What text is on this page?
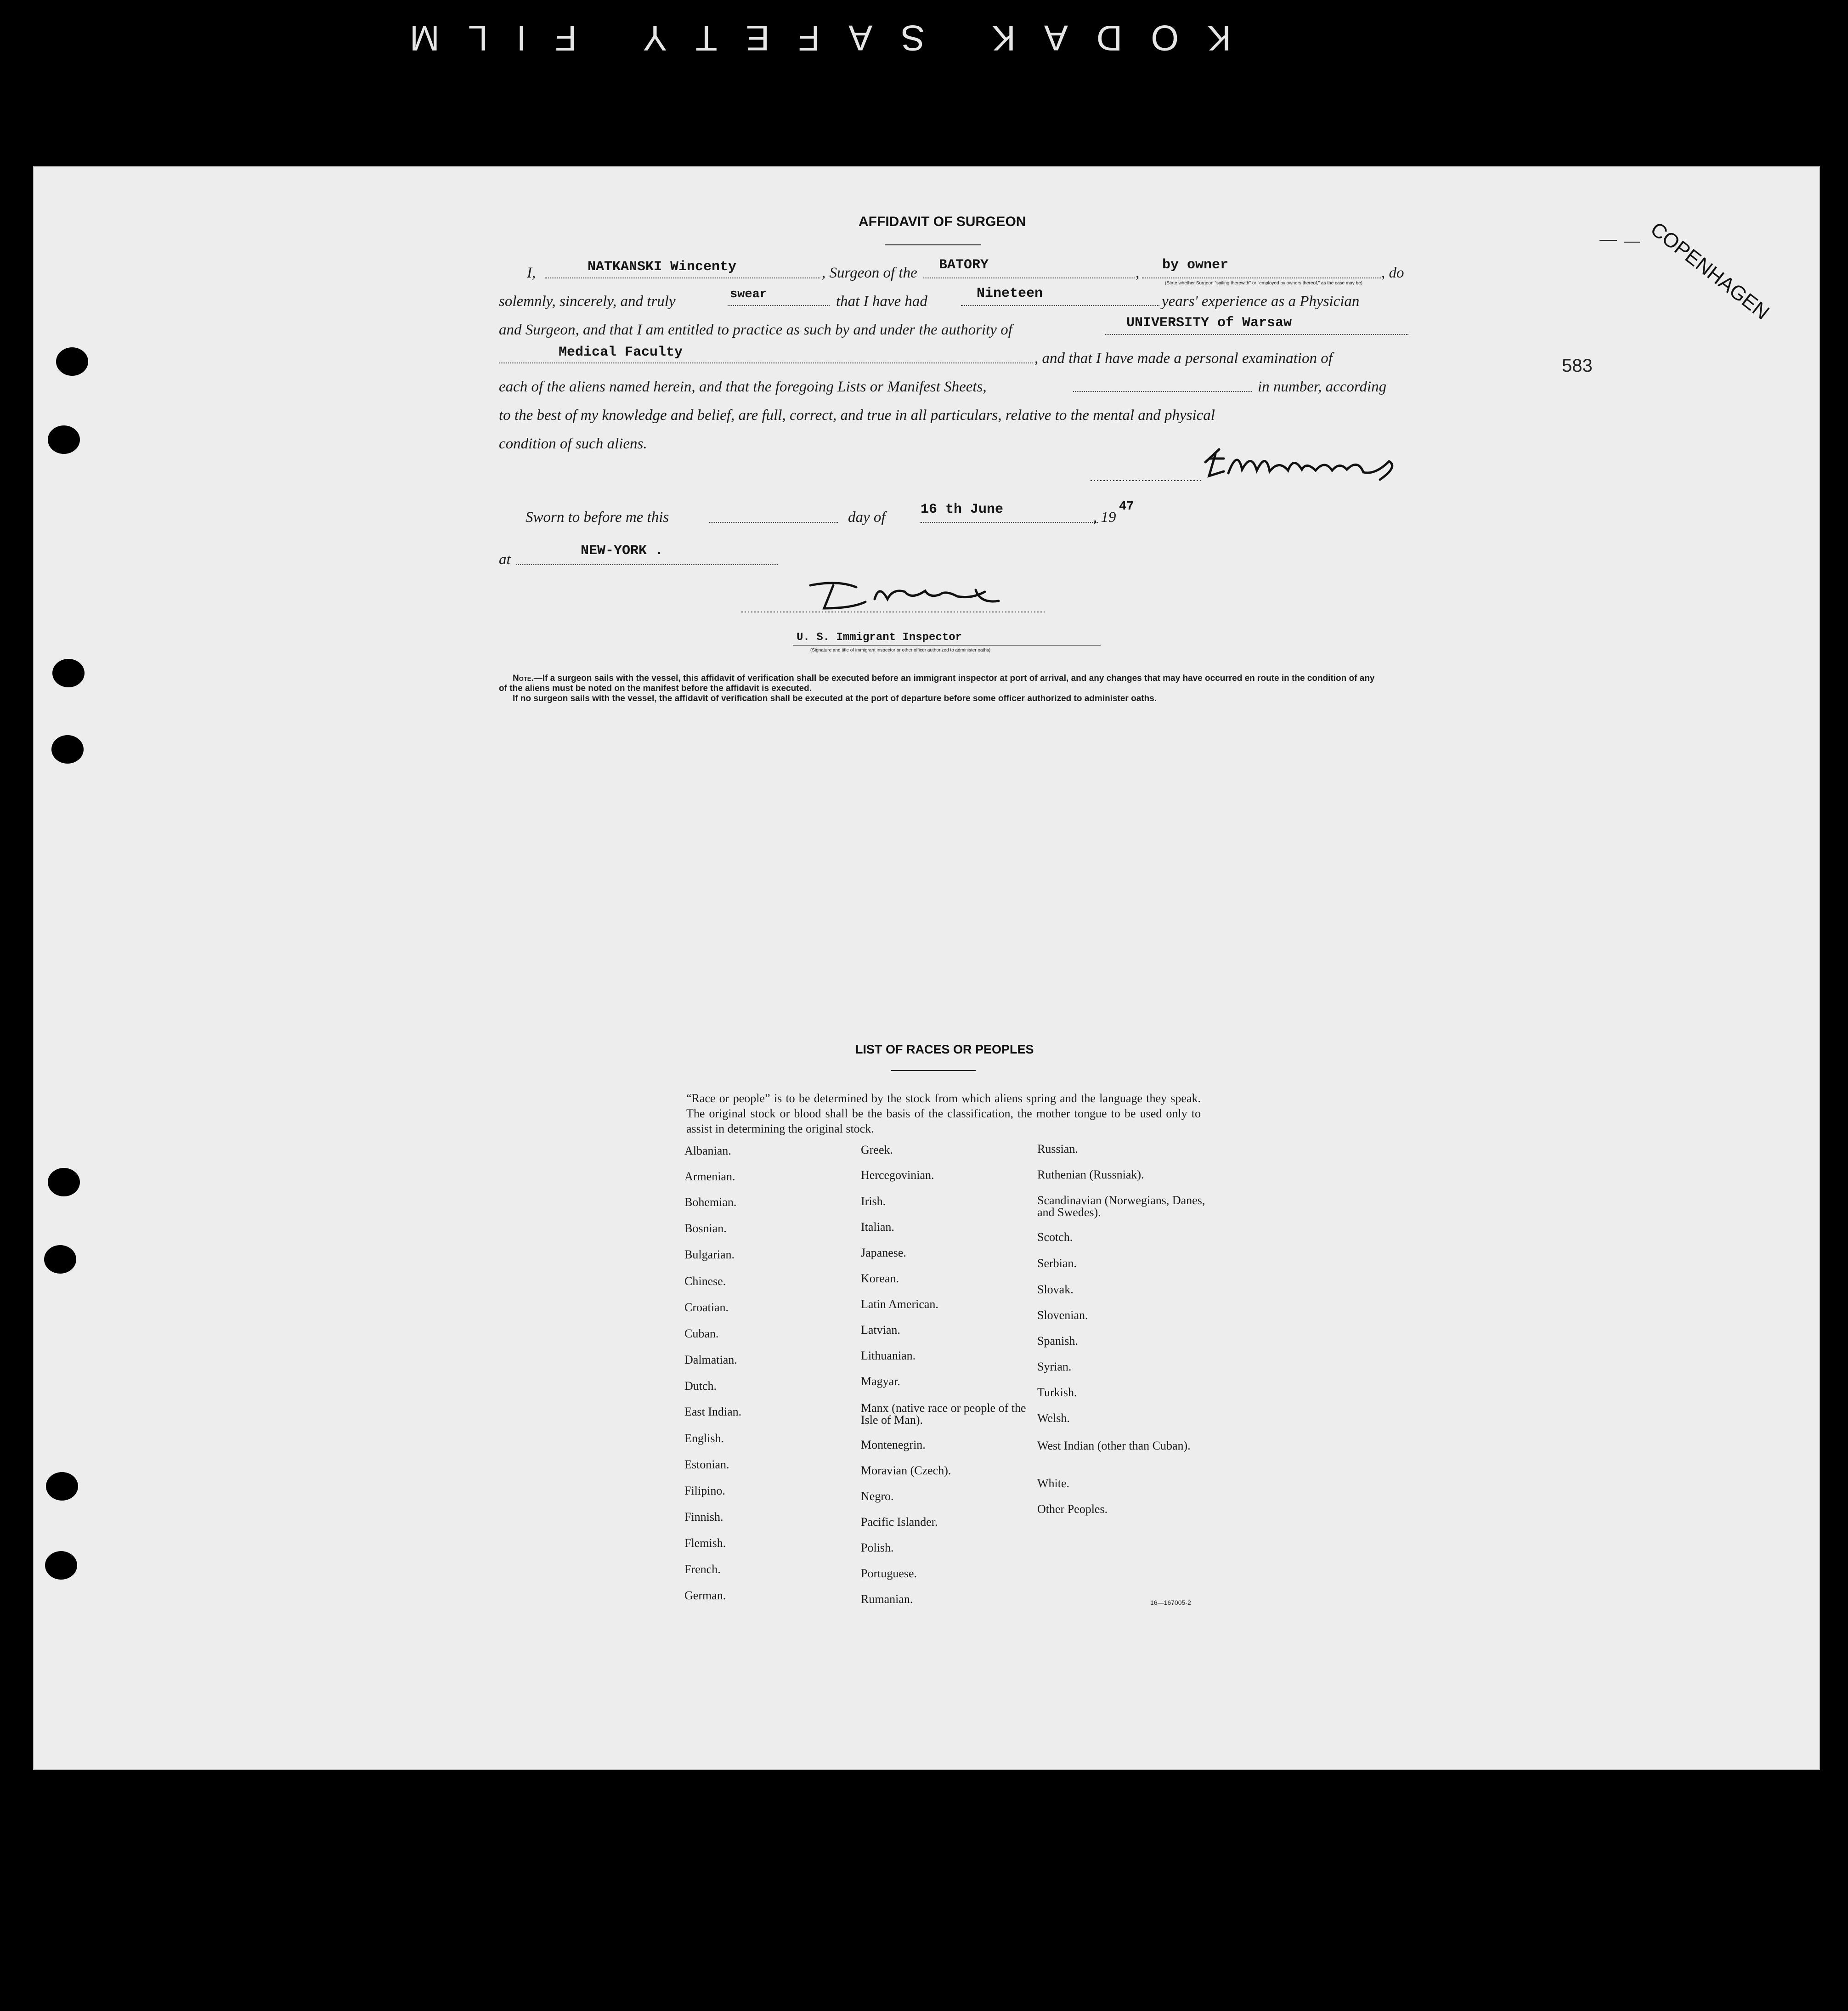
KODAK SAFETY FILM
COPENHAGEN
583
AFFIDAVIT OF SURGEON
I,	NATKANSKI Wincenty	, Surgeon of the BATORY	, by owner	, do
(State whether Surgeon "sailing therewith" or "employed by owners thereof," as the case may be)
solemnly, sincerely, and truly	swear	that I have had	Nineteen	years' experience as a Physician
and Surgeon, and that I am entitled to practice as such by and under the authority of	UNIVERSITY of Warsaw
Medical Faculty	, and that I have made a personal examination of
each of the aliens named herein, and that the foregoing Lists or Manifest Sheets,	in number, according
to the best of my knowledge and belief, are full, correct, and true in all particulars, relative to the mental and physical
condition of such aliens.
Sworn to before me this	day of	16 th June	, 19
47
at
NEW-YORK .
U. S. Immigrant Inspector
(Signature and title of immigrant inspector or other officer authorized to administer oaths)
Note.—If a surgeon sails with the vessel, this affidavit of verification shall be executed before an immigrant inspector at port of arrival, and any changes that may have occurred en route in the condition of any of the aliens must be noted on the manifest before the affidavit is executed.
If no surgeon sails with the vessel, the affidavit of verification shall be executed at the port of departure before some officer authorized to administer oaths.
LIST OF RACES OR PEOPLES
“Race or people” is to be determined by the stock from which aliens spring and the language they speak. The original stock or blood shall be the basis of the classification, the mother tongue to be used only to assist in determining the original stock.
Albanian.
Armenian.
Bohemian.
Bosnian.
Bulgarian.
Chinese.
Croatian.
Cuban.
Dalmatian.
Dutch.
East Indian.
English.
Estonian.
Filipino.
Finnish.
Flemish.
French.
German.
Greek.
Hercegovinian.
Irish.
Italian.
Japanese.
Korean.
Latin American.
Latvian.
Lithuanian.
Magyar.
Manx (native race or people of the Isle of Man).
Montenegrin.
Moravian (Czech).
Negro.
Pacific Islander.
Polish.
Portuguese.
Rumanian.
Russian.
Ruthenian (Russniak).
Scandinavian (Norwegians, Danes, and Swedes).
Scotch.
Serbian.
Slovak.
Slovenian.
Spanish.
Syrian.
Turkish.
Welsh.
West Indian (other than Cuban).
White.
Other Peoples.
16—167005-2
